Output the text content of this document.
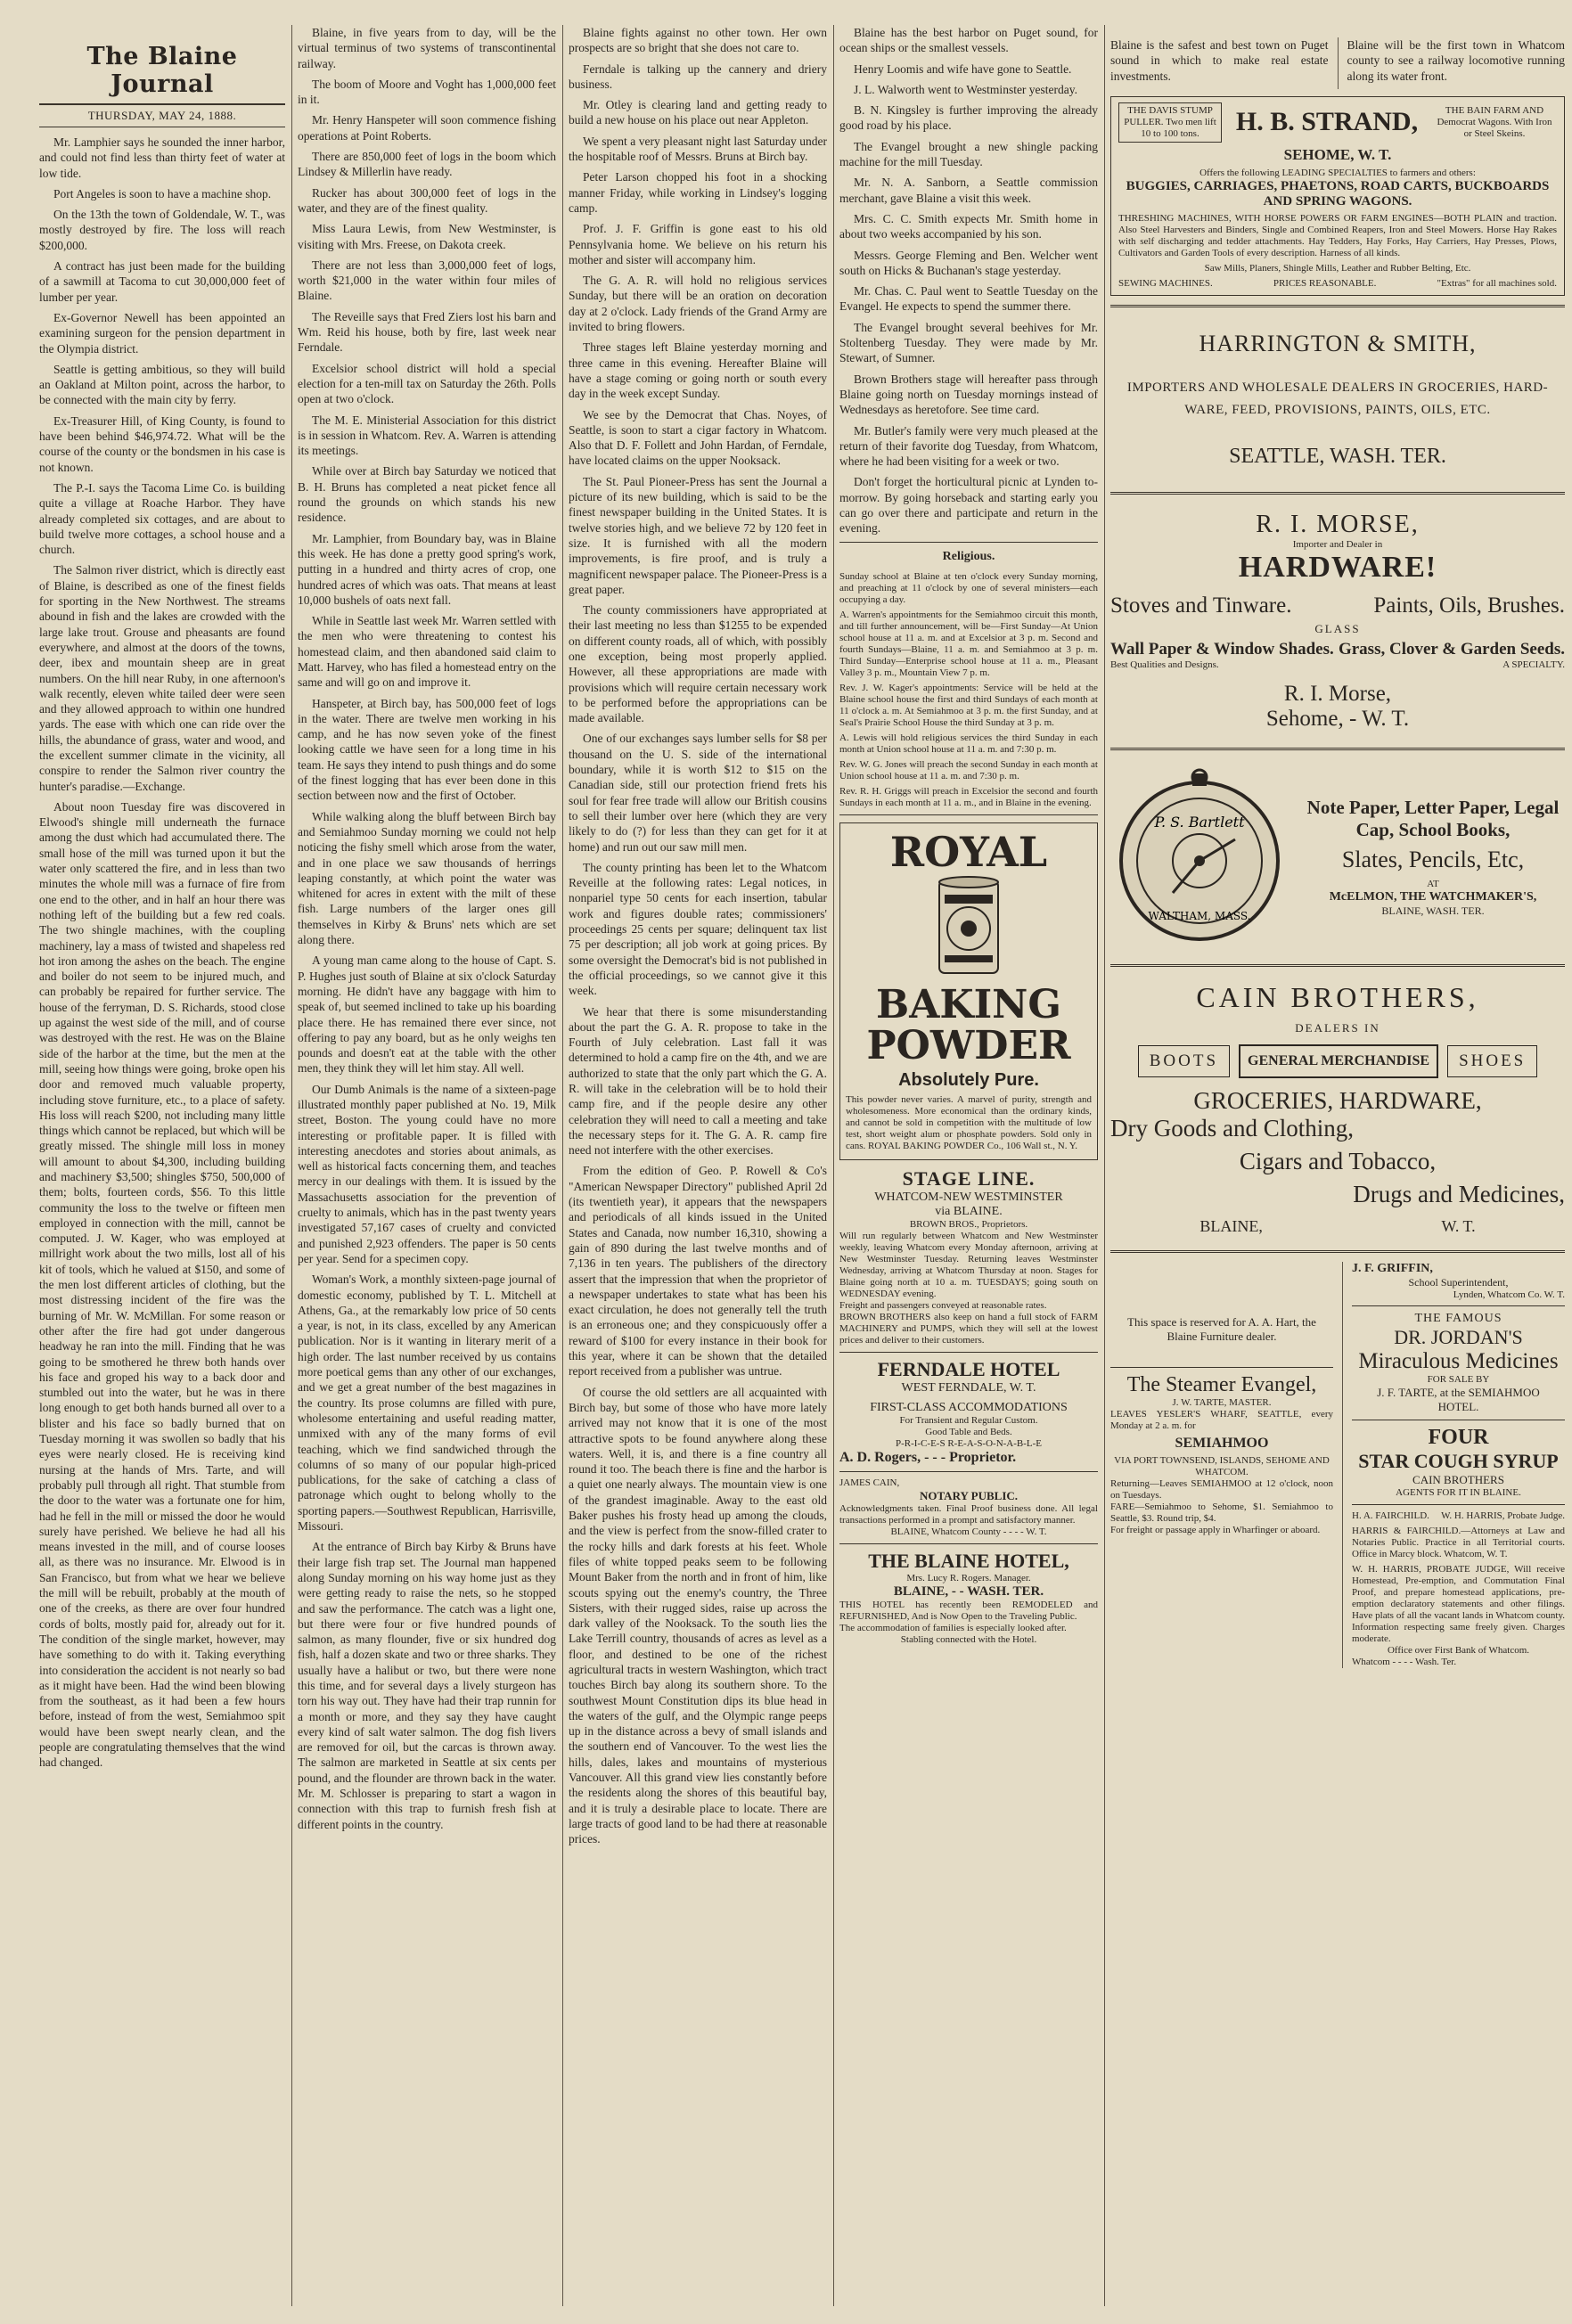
The Blaine Journal
THURSDAY, MAY 24, 1888.

Mr. Lamphier says he sounded the inner harbor, and could not find less than thirty feet of water at low tide.

Port Angeles is soon to have a machine shop.

On the 13th the town of Goldendale, W. T., was mostly destroyed by fire. The loss will reach $200,000.

A contract has just been made for the building of a sawmill at Tacoma to cut 30,000,000 feet of lumber per year.

Ex-Governor Newell has been appointed an examining surgeon for the pension department in the Olympia district.

Seattle is getting ambitious, so they will build an Oakland at Milton point, across the harbor, to be connected with the main city by ferry.

Ex-Treasurer Hill, of King County, is found to have been behind $46,974.72. What will be the course of the county or the bondsmen in his case is not known.

The P.-I. says the Tacoma Lime Co. is building quite a village at Roache Harbor. They have already completed six cottages, and are about to build twelve more cottages, a school house and a church.

The Salmon river district, which is directly east of Blaine, is described as one of the finest fields for sporting in the New Northwest. The streams abound in fish and the lakes are crowded with the large lake trout. Grouse and pheasants are found everywhere, and almost at the doors of the towns, deer, ibex and mountain sheep are in great numbers. On the hill near Ruby, in one afternoon's walk recently, eleven white tailed deer were seen and they allowed approach to within one hundred yards. The ease with which one can ride over the hills, the abundance of grass, water and wood, and the excellent summer climate in the vicinity, all conspire to render the Salmon river country the hunter's paradise.—Exchange.

About noon Tuesday fire was discovered in Elwood's shingle mill underneath the furnace among the dust which had accumulated there. The small hose of the mill was turned upon it but the water only scattered the fire, and in less than two minutes the whole mill was a furnace of fire from one end to the other, and in half an hour there was nothing left of the building but a few red coals. The two shingle machines, with the coupling machinery, lay a mass of twisted and shapeless red hot iron among the ashes on the beach. The engine and boiler do not seem to be injured much, and can probably be repaired for further service. The house of the ferryman, D. S. Richards, stood close up against the west side of the mill, and of course was destroyed with the rest. He was on the Blaine side of the harbor at the time, but the men at the mill, seeing how things were going, broke open his door and removed much valuable property, including stove furniture, etc., to a place of safety. His loss will reach $200, not including many little things which cannot be replaced, but which will be greatly missed. The shingle mill loss in money will amount to about $4,300, including building and machinery $3,500; shingles $750, 500,000 of them; bolts, fourteen cords, $56. To this little community the loss to the twelve or fifteen men employed in connection with the mill, cannot be computed. J. W. Kager, who was employed at millright work about the two mills, lost all of his kit of tools, which he valued at $150, and some of the men lost different articles of clothing, but the most distressing incident of the fire was the burning of Mr. W. McMillan. For some reason or other after the fire had got under dangerous headway he ran into the mill. Finding that he was going to be smothered he threw both hands over his face and groped his way to a back door and stumbled out into the water, but he was in there long enough to get both hands burned all over to a blister and his face so badly burned that on Tuesday morning it was swollen so badly that his eyes were nearly closed. He is receiving kind nursing at the hands of Mrs. Tarte, and will probably pull through all right. That stumble from the door to the water was a fortunate one for him, had he fell in the mill or missed the door he would surely have perished. We believe he had all his means invested in the mill, and of course looses all, as there was no insurance. Mr. Elwood is in San Francisco, but from what we hear we believe the mill will be rebuilt, probably at the mouth of one of the creeks, as there are over four hundred cords of bolts, mostly paid for, already out for it. The condition of the single market, however, may have something to do with it. Taking everything into consideration the accident is not nearly so bad as it might have been. Had the wind been blowing from the southeast, as it had been a few hours before, instead of from the west, Semiahmoo spit would have been swept nearly clean, and the people are congratulating themselves that the wind had changed.

Blaine, in five years from to day, will be the virtual terminus of two systems of transcontinental railway.

The boom of Moore and Voght has 1,000,000 feet in it.

Mr. Henry Hanspeter will soon commence fishing operations at Point Roberts.

There are 850,000 feet of logs in the boom which Lindsey & Millerlin have ready.

Rucker has about 300,000 feet of logs in the water, and they are of the finest quality.

Miss Laura Lewis, from New Westminster, is visiting with Mrs. Freese, on Dakota creek.

There are not less than 3,000,000 feet of logs, worth $21,000 in the water within four miles of Blaine.

The Reveille says that Fred Ziers lost his barn and Wm. Reid his house, both by fire, last week near Ferndale.

Excelsior school district will hold a special election for a ten-mill tax on Saturday the 26th. Polls open at two o'clock.

The M. E. Ministerial Association for this district is in session in Whatcom. Rev. A. Warren is attending its meetings.

While over at Birch bay Saturday we noticed that B. H. Bruns has completed a neat picket fence all round the grounds on which stands his new residence.

Mr. Lamphier, from Boundary bay, was in Blaine this week. He has done a pretty good spring's work, putting in a hundred and thirty acres of crop, one hundred acres of which was oats. That means at least 10,000 bushels of oats next fall.

While in Seattle last week Mr. Warren settled with the men who were threatening to contest his homestead claim, and then abandoned said claim to Matt. Harvey, who has filed a homestead entry on the same and will go on and improve it.

Hanspeter, at Birch bay, has 500,000 feet of logs in the water. There are twelve men working in his camp, and he has now seven yoke of the finest looking cattle we have seen for a long time in his team. He says they intend to push things and do some of the finest logging that has ever been done in this section between now and the first of October.

While walking along the bluff between Birch bay and Semiahmoo Sunday morning we could not help noticing the fishy smell which arose from the water, and in one place we saw thousands of herrings leaping constantly, at which point the water was whitened for acres in extent with the milt of these fish. Large numbers of the larger ones gill themselves in Kirby & Bruns' nets which are set along there.

A young man came along to the house of Capt. S. P. Hughes just south of Blaine at six o'clock Saturday morning. He didn't have any baggage with him to speak of, but seemed inclined to take up his boarding place there. He has remained there ever since, not offering to pay any board, but as he only weighs ten pounds and doesn't eat at the table with the other men, they think they will let him stay. All well.

Our Dumb Animals is the name of a sixteen-page illustrated monthly paper published at No. 19, Milk street, Boston. The young could have no more interesting or profitable paper. It is filled with interesting anecdotes and stories about animals, as well as historical facts concerning them, and teaches mercy in our dealings with them. It is issued by the Massachusetts association for the prevention of cruelty to animals, which has in the past twenty years investigated 57,167 cases of cruelty and convicted and punished 2,923 offenders. The paper is 50 cents per year. Send for a specimen copy.

Woman's Work, a monthly sixteen-page journal of domestic economy, published by T. L. Mitchell at Athens, Ga., at the remarkably low price of 50 cents a year, is not, in its class, excelled by any American publication. Nor is it wanting in literary merit of a high order. The last number received by us contains more poetical gems than any other of our exchanges, and we get a great number of the best magazines in the country. Its prose columns are filled with pure, wholesome entertaining and useful reading matter, unmixed with any of the many forms of evil teaching, which we find sandwiched through the columns of so many of our popular high-priced publications, for the sake of catching a class of patronage which ought to belong wholly to the sporting papers.—Southwest Republican, Harrisville, Missouri.

At the entrance of Birch bay Kirby & Bruns have their large fish trap set. The Journal man happened along Sunday morning on his way home just as they were getting ready to raise the nets, so he stopped and saw the performance. The catch was a light one, but there were four or five hundred pounds of salmon, as many flounder, five or six hundred dog fish, half a dozen skate and two or three sharks. They usually have a halibut or two, but there were none this time, and for several days a lively sturgeon has torn his way out. They have had their trap runnin for a month or more, and they say they have caught every kind of salt water salmon. The dog fish livers are removed for oil, but the carcas is thrown away. The salmon are marketed in Seattle at six cents per pound, and the flounder are thrown back in the water. Mr. M. Schlosser is preparing to start a wagon in connection with this trap to furnish fresh fish at different points in the country.

Blaine fights against no other town. Her own prospects are so bright that she does not care to.

Ferndale is talking up the cannery and driery business.

Mr. Otley is clearing land and getting ready to build a new house on his place out near Appleton.

We spent a very pleasant night last Saturday under the hospitable roof of Messrs. Bruns at Birch bay.

Peter Larson chopped his foot in a shocking manner Friday, while working in Lindsey's logging camp.

Prof. J. F. Griffin is gone east to his old Pennsylvania home. We believe on his return his mother and sister will accompany him.

The G. A. R. will hold no religious services Sunday, but there will be an oration on decoration day at 2 o'clock. Lady friends of the Grand Army are invited to bring flowers.

Three stages left Blaine yesterday morning and three came in this evening. Hereafter Blaine will have a stage coming or going north or south every day in the week except Sunday.

We see by the Democrat that Chas. Noyes, of Seattle, is soon to start a cigar factory in Whatcom. Also that D. F. Follett and John Hardan, of Ferndale, have located claims on the upper Nooksack.

The St. Paul Pioneer-Press has sent the Journal a picture of its new building, which is said to be the finest newspaper building in the United States. It is twelve stories high, and we believe 72 by 120 feet in size. It is furnished with all the modern improvements, is fire proof, and is truly a magnificent newspaper palace. The Pioneer-Press is a great paper.

The county commissioners have appropriated at their last meeting no less than $1255 to be expended on different county roads, all of which, with possibly one exception, being most properly applied. However, all these appropriations are made with provisions which will require certain necessary work to be performed before the appropriations can be made available.

One of our exchanges says lumber sells for $8 per thousand on the U. S. side of the international boundary, while it is worth $12 to $15 on the Canadian side, still our protection friend frets his soul for fear free trade will allow our British cousins to sell their lumber over here (which they are very likely to do (?) for less than they can get for it at home) and run out our saw mill men.

The county printing has been let to the Whatcom Reveille at the following rates: Legal notices, in nonpariel type 50 cents for each insertion, tabular work and figures double rates; commissioners' proceedings 25 cents per square; delinquent tax list 75 per description; all job work at going prices. By some oversight the Democrat's bid is not published in the official proceedings, so we cannot give it this week.

We hear that there is some misunderstanding about the part the G. A. R. propose to take in the Fourth of July celebration. Last fall it was determined to hold a camp fire on the 4th, and we are authorized to state that the only part which the G. A. R. will take in the celebration will be to hold their camp fire, and if the people desire any other celebration they will need to call a meeting and take the necessary steps for it. The G. A. R. camp fire need not interfere with the other exercises.

From the edition of Geo. P. Rowell & Co's "American Newspaper Directory" published April 2d (its twentieth year), it appears that the newspapers and periodicals of all kinds issued in the United States and Canada, now number 16,310, showing a gain of 890 during the last twelve months and of 7,136 in ten years. The publishers of the directory assert that the impression that when the proprietor of a newspaper undertakes to state what has been his exact circulation, he does not generally tell the truth is an erroneous one; and they conspicuously offer a reward of $100 for every instance in their book for this year, where it can be shown that the detailed report received from a publisher was untrue.

Of course the old settlers are all acquainted with Birch bay, but some of those who have more lately arrived may not know that it is one of the most attractive spots to be found anywhere along these waters. Well, it is, and there is a fine country all round it too. The beach there is fine and the harbor is a quiet one nearly always. The mountain view is one of the grandest imaginable. Away to the east old Baker pushes his frosty head up among the clouds, and the view is perfect from the snow-filled crater to the rocky hills and dark forests at his feet. Whole files of white topped peaks seem to be following Mount Baker from the north and in front of him, like scouts spying out the enemy's country, the Three Sisters, with their rugged sides, raise up across the dark valley of the Nooksack. To the south lies the Lake Terrill country, thousands of acres as level as a floor, and destined to be one of the richest agricultural tracts in western Washington, which tract touches Birch bay along its southern shore. To the southwest Mount Constitution dips its blue head in the waters of the gulf, and the Olympic range peeps up in the distance across a bevy of small islands and the southern end of Vancouver. To the west lies the hills, dales, lakes and mountains of mysterious Vancouver. All this grand view lies constantly before the residents along the shores of this beautiful bay, and it is truly a desirable place to locate. There are large tracts of good land to be had there at reasonable prices.

Blaine has the best harbor on Puget sound, for ocean ships or the smallest vessels.

Henry Loomis and wife have gone to Seattle.

J. L. Walworth went to Westminster yesterday.

B. N. Kingsley is further improving the already good road by his place.

The Evangel brought a new shingle packing machine for the mill Tuesday.

Mr. N. A. Sanborn, a Seattle commission merchant, gave Blaine a visit this week.

Mrs. C. C. Smith expects Mr. Smith home in about two weeks accompanied by his son.

Messrs. George Fleming and Ben. Welcher went south on Hicks & Buchanan's stage yesterday.

Mr. Chas. C. Paul went to Seattle Tuesday on the Evangel. He expects to spend the summer there.

The Evangel brought several beehives for Mr. Stoltenberg Tuesday. They were made by Mr. Stewart, of Sumner.

Brown Brothers stage will hereafter pass through Blaine going north on Tuesday mornings instead of Wednesdays as heretofore. See time card.

Mr. Butler's family were very much pleased at the return of their favorite dog Tuesday, from Whatcom, where he had been visiting for a week or two.

Don't forget the horticultural picnic at Lynden to-morrow. By going horseback and starting early you can go over there and participate and return in the evening.

Religious.

Sunday school at Blaine at ten o'clock every Sunday morning, and preaching at 11 o'clock by one of several ministers—each occupying a day.

A. Warren's appointments for the Semiahmoo circuit this month, and till further announcement, will be—First Sunday—At Union school house at 11 a. m. and at Excelsior at 3 p. m. Second and fourth Sundays—Blaine, 11 a. m. and Semiahmoo at 3 p. m. Third Sunday—Enterprise school house at 11 a. m., Pleasant Valley 3 p. m., Mountain View 7 p. m.

Rev. J. W. Kager's appointments: Service will be held at the Blaine school house the first and third Sundays of each month at 11 o'clock a. m. At Semiahmoo at 3 p. m. the first Sunday, and at Seal's Prairie School House the third Sunday at 3 p. m.

A. Lewis will hold religious services the third Sunday in each month at Union school house at 11 a. m. and 7:30 p. m.

Rev. W. G. Jones will preach the second Sunday in each month at Union school house at 11 a. m. and 7:30 p. m.

Rev. R. H. Griggs will preach in Excelsior the second and fourth Sundays in each month at 11 a. m., and in Blaine in the evening.

ROYAL
BAKING
POWDER
Absolutely Pure.
This powder never varies. A marvel of purity, strength and wholesomeness. More economical than the ordinary kinds, and cannot be sold in competition with the multitude of low test, short weight alum or phosphate powders. Sold only in cans. ROYAL BAKING POWDER Co., 106 Wall st., N. Y.
STAGE LINE.
WHATCOM-NEW WESTMINSTER
via BLAINE.
BROWN BROS., Proprietors.
Will run regularly between Whatcom and New Westminster weekly, leaving Whatcom every Monday afternoon, arriving at New Westminster Tuesday. Returning leaves Westminster Wednesday, arriving at Whatcom Thursday at noon. Stages for Blaine going north at 10 a. m. TUESDAYS; going south on WEDNESDAY evening.
Freight and passengers conveyed at reasonable rates.
BROWN BROTHERS also keep on hand a full stock of FARM MACHINERY and PUMPS, which they will sell at the lowest prices and deliver to their customers.
FERNDALE HOTEL
WEST FERNDALE, W. T.
FIRST-CLASS ACCOMMODATIONS
For Transient and Regular Custom.
Good Table and Beds.
P-R-I-C-E-S R-E-A-S-O-N-A-B-L-E
A. D. Rogers, - - - Proprietor.
JAMES CAIN,
NOTARY PUBLIC.
Acknowledgments taken. Final Proof business done. All legal transactions performed in a prompt and satisfactory manner.
BLAINE, Whatcom County - - - - W. T.
THE BLAINE HOTEL,
Mrs. Lucy R. Rogers. Manager.
BLAINE, - - WASH. TER.
THIS HOTEL has recently been REMODELED and REFURNISHED, And is Now Open to the Traveling Public.
The accommodation of families is especially looked after.
Stabling connected with the Hotel.
Blaine is the safest and best town on Puget sound in which to make real estate investments.
Blaine will be the first town in Whatcom county to see a railway locomotive running along its water front.
THE DAVIS STUMP PULLER. Two men lift 10 to 100 tons.	H. B. STRAND,	THE BAIN FARM AND Democrat Wagons. With Iron or Steel Skeins.
SEHOME, W. T.
Offers the following LEADING SPECIALTIES to farmers and others:
BUGGIES, CARRIAGES, PHAETONS, ROAD CARTS, BUCKBOARDS
AND SPRING WAGONS.
THRESHING MACHINES, WITH HORSE POWERS OR FARM ENGINES—BOTH PLAIN and traction. Also Steel Harvesters and Binders, Single and Combined Reapers, Iron and Steel Mowers. Horse Hay Rakes with self discharging and tedder attachments. Hay Tedders, Hay Forks, Hay Carriers, Hay Presses, Plows, Cultivators and Garden Tools of every description. Harness of all kinds.
Saw Mills, Planers, Shingle Mills, Leather and Rubber Belting, Etc.
SEWING MACHINES.	PRICES REASONABLE.	"Extras" for all machines sold.
HARRINGTON & SMITH,
IMPORTERS AND WHOLESALE DEALERS IN GROCERIES, HARD-
WARE, FEED, PROVISIONS, PAINTS, OILS, ETC.
SEATTLE, WASH. TER.
R. I. MORSE,
Importer and Dealer in
HARDWARE!
Stoves and Tinware.	Paints, Oils, Brushes.
GLASS
Wall Paper & Window Shades. Grass, Clover & Garden Seeds.
Best Qualities and Designs.	A SPECIALTY.
R. I. Morse,
Sehome, - W. T.
P. S. Bartlett
WALTHAM, MASS.
Note Paper, Letter Paper, Legal
Cap, School Books,
Slates, Pencils, Etc,
AT
McELMON, THE WATCHMAKER'S,
BLAINE, WASH. TER.
CAIN BROTHERS,
DEALERS IN
BOOTS	GENERAL MERCHANDISE	SHOES
GROCERIES, HARDWARE,
Dry Goods and Clothing,
Cigars and Tobacco,
Drugs and Medicines,
BLAINE,	W. T.
This space is reserved for A. A. Hart, the Blaine Furniture dealer.
The Steamer Evangel,
J. W. TARTE, MASTER.
LEAVES YESLER'S WHARF, SEATTLE, every Monday at 2 a. m. for
SEMIAHMOO
VIA PORT TOWNSEND, ISLANDS, SEHOME AND WHATCOM.
Returning—Leaves SEMIAHMOO at 12 o'clock, noon on Tuesdays.
FARE—Semiahmoo to Sehome, $1. Semiahmoo to Seattle, $3. Round trip, $4.
For freight or passage apply in Wharfinger or aboard.
J. F. GRIFFIN,
School Superintendent,
Lynden, Whatcom Co. W. T.
THE FAMOUS
DR. JORDAN'S
Miraculous Medicines
FOR SALE BY
J. F. TARTE, at the SEMIAHMOO
HOTEL.
FOUR
STAR COUGH SYRUP
CAIN BROTHERS
AGENTS FOR IT IN BLAINE.
H. A. FAIRCHILD. W. H. HARRIS, Probate Judge.
HARRIS & FAIRCHILD.—Attorneys at Law and Notaries Public. Practice in all Territorial courts. Office in Marcy block. Whatcom, W. T.
W. H. HARRIS, PROBATE JUDGE, Will receive Homestead, Pre-emption, and Commutation Final Proof, and prepare homestead applications, pre-emption declaratory statements and other filings. Have plats of all the vacant lands in Whatcom county. Information respecting same freely given. Charges moderate.
Office over First Bank of Whatcom.
Whatcom - - - - Wash. Ter.
